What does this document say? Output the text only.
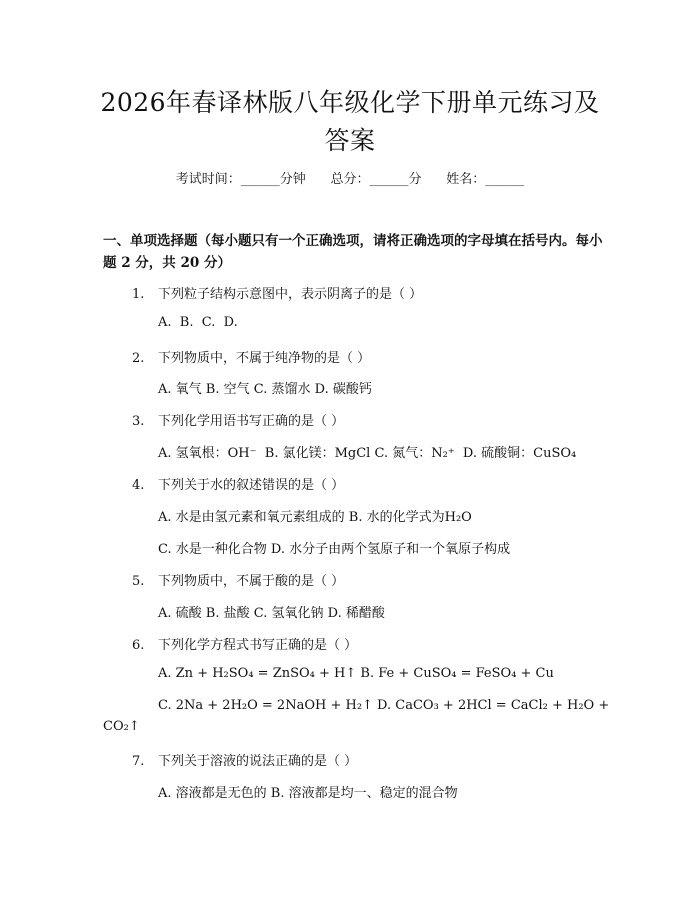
2026年春译林版八年级化学下册单元练习及
答案
考试时间：______分钟      总分：______分      姓名：______
一、单项选择题（每小题只有一个正确选项，请将正确选项的字母填在括号内。每小题 2 分，共 20 分）
1. 下列粒子结构示意图中，表示阴离子的是（ ）
A.  B.  C.  D.
2. 下列物质中，不属于纯净物的是（ ）
A. 氧气 B. 空气 C. 蒸馏水 D. 碳酸钙
3. 下列化学用语书写正确的是（ ）
A. 氢氧根：OH⁻  B. 氯化镁：MgCl C. 氮气：N₂⁺  D. 硫酸铜：CuSO₄
4. 下列关于水的叙述错误的是（ ）
A. 水是由氢元素和氧元素组成的 B. 水的化学式为H₂O
C. 水是一种化合物 D. 水分子由两个氢原子和一个氧原子构成
5. 下列物质中，不属于酸的是（ ）
A. 硫酸 B. 盐酸 C. 氢氧化钠 D. 稀醋酸
6. 下列化学方程式书写正确的是（ ）
A. Zn + H₂SO₄ = ZnSO₄ + H↑ B. Fe + CuSO₄ = FeSO₄ + Cu
C. 2Na + 2H₂O = 2NaOH + H₂↑ D. CaCO₃ + 2HCl = CaCl₂ + H₂O +
CO₂↑
7. 下列关于溶液的说法正确的是（ ）
A. 溶液都是无色的 B. 溶液都是均一、稳定的混合物
